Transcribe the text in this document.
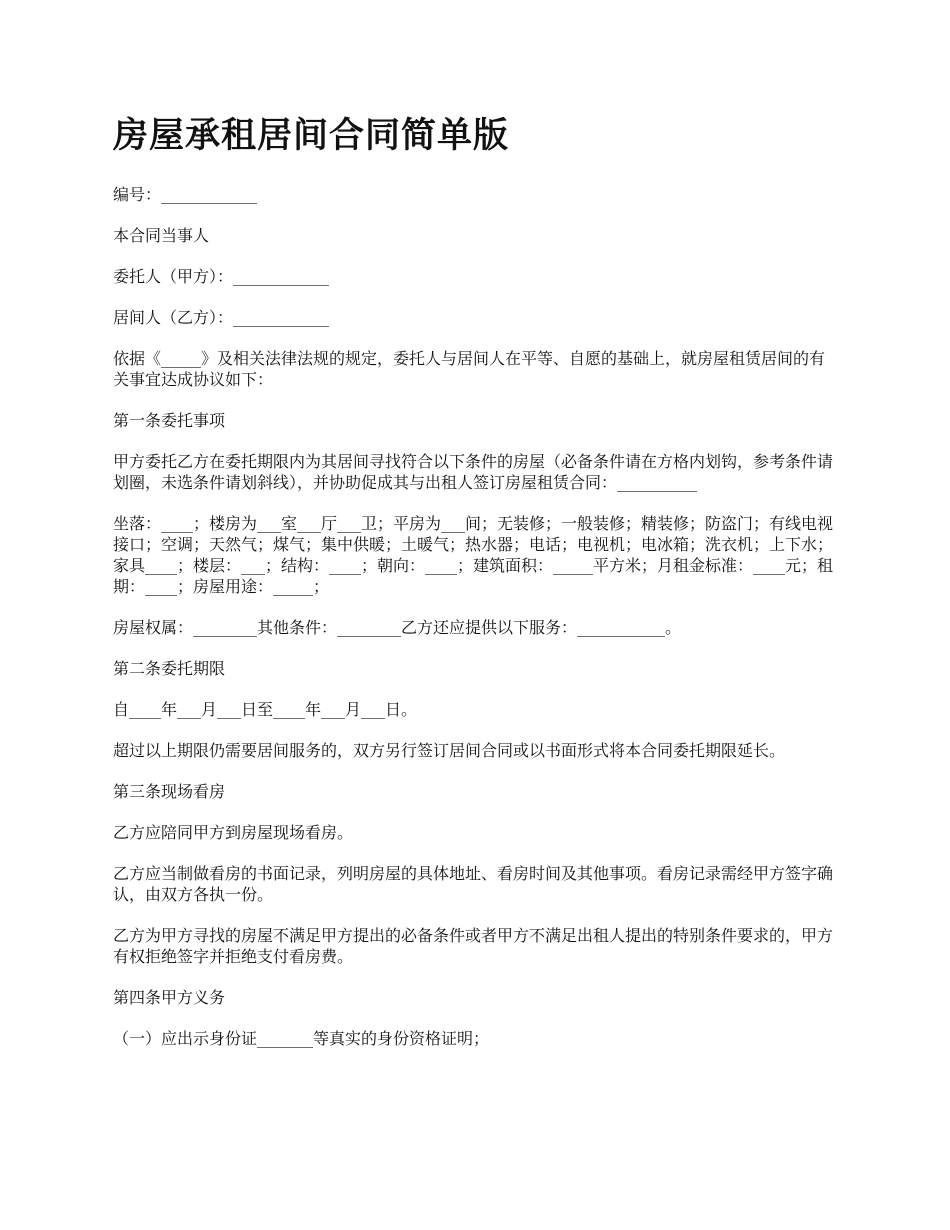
房屋承租居间合同简单版

编号：____________

本合同当事人

委托人（甲方）：____________

居间人（乙方）：____________

依据《_____》及相关法律法规的规定，委托人与居间人在平等、自愿的基础上，就房屋租赁居间的有关事宜达成协议如下：

第一条委托事项

甲方委托乙方在委托期限内为其居间寻找符合以下条件的房屋（必备条件请在方格内划钩，参考条件请划圈，未选条件请划斜线），并协助促成其与出租人签订房屋租赁合同：__________

坐落：____；楼房为___室___厅___卫；平房为___间；无装修；一般装修；精装修；防盗门；有线电视接口；空调；天然气；煤气；集中供暖；土暖气；热水器；电话；电视机；电冰箱；洗衣机；上下水；家具____；楼层：___；结构：____；朝向：____；建筑面积：_____平方米；月租金标准：____元；租期：____；房屋用途：_____；

房屋权属：________其他条件：________乙方还应提供以下服务：___________。

第二条委托期限

自____年___月___日至____年___月___日。

超过以上期限仍需要居间服务的，双方另行签订居间合同或以书面形式将本合同委托期限延长。

第三条现场看房

乙方应陪同甲方到房屋现场看房。

乙方应当制做看房的书面记录，列明房屋的具体地址、看房时间及其他事项。看房记录需经甲方签字确认，由双方各执一份。

乙方为甲方寻找的房屋不满足甲方提出的必备条件或者甲方不满足出租人提出的特别条件要求的，甲方有权拒绝签字并拒绝支付看房费。

第四条甲方义务

（一）应出示身份证_______等真实的身份资格证明；
